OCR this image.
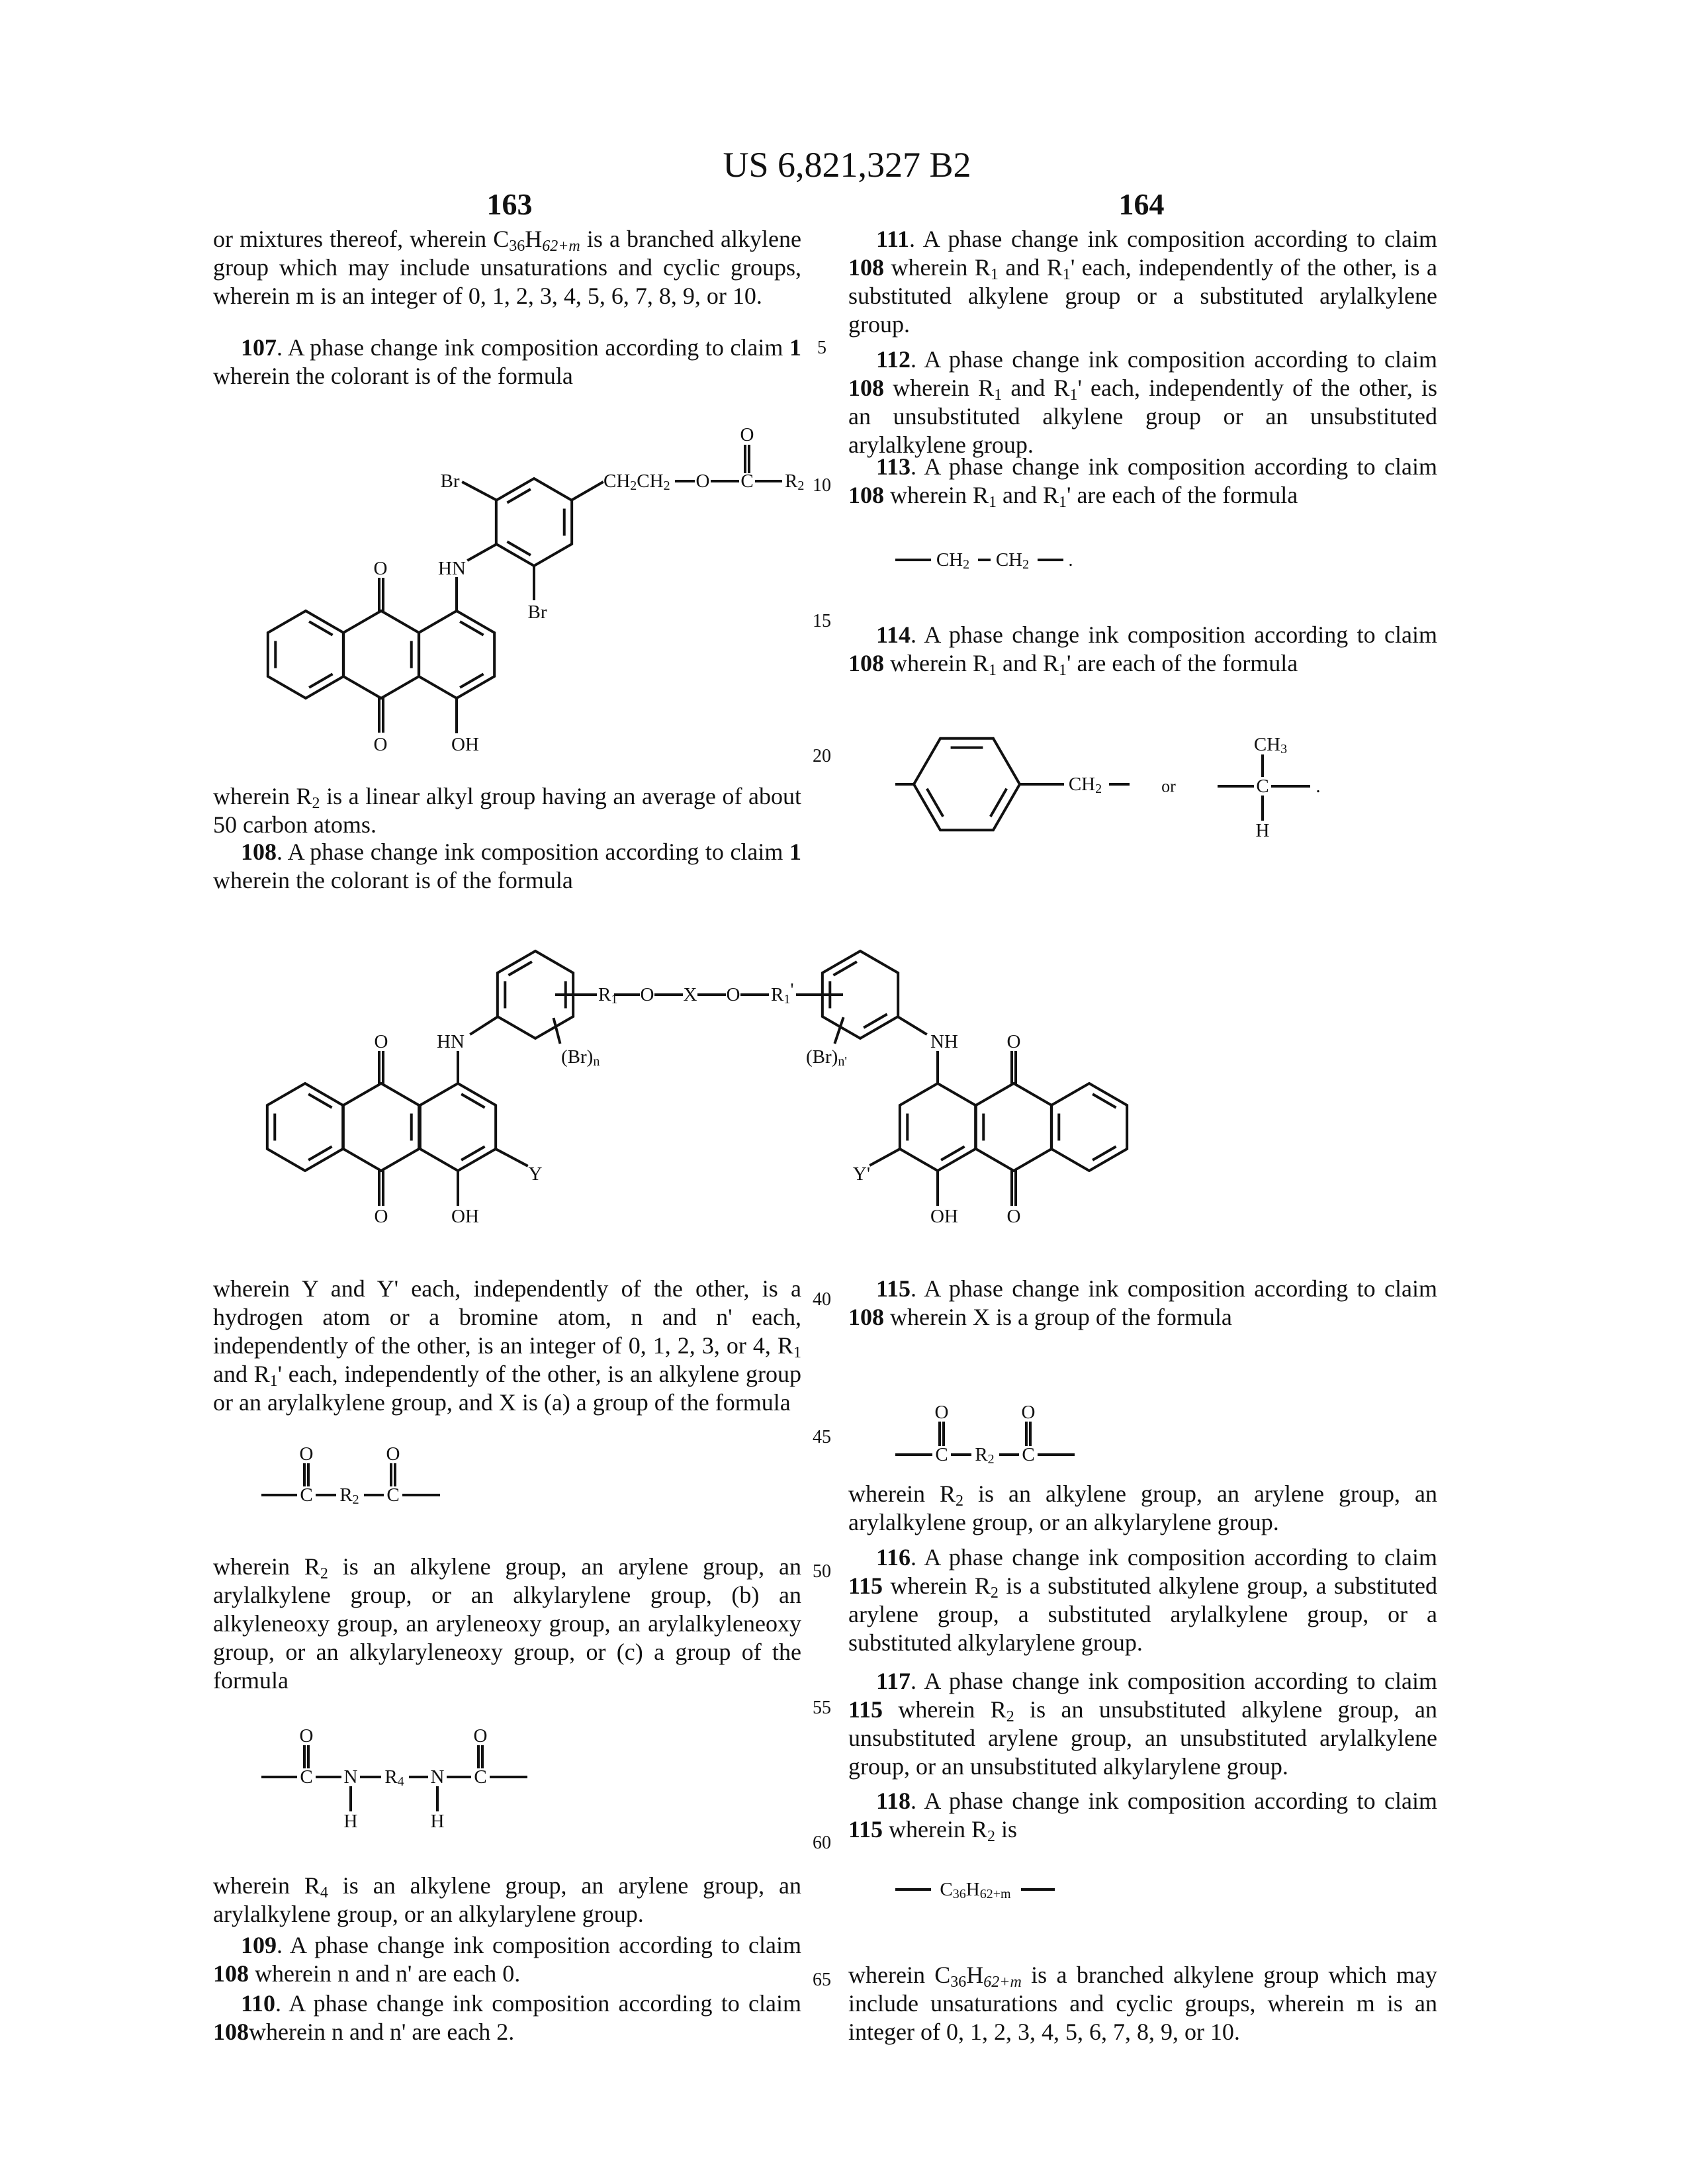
US 6,821,327 B2
163	164
5
10
15
20
40
45
50
55
60
65
or mixtures thereof, wherein C36H62+m is a branched alkylene group which may include unsaturations and cyclic groups, wherein m is an integer of 0, 1, 2, 3, 4, 5, 6, 7, 8, 9, or 10.
107. A phase change ink composition according to claim 1 wherein the colorant is of the formula
wherein R2 is a linear alkyl group having an average of about 50 carbon atoms.
108. A phase change ink composition according to claim 1 wherein the colorant is of the formula
wherein Y and Y' each, independently of the other, is a hydrogen atom or a bromine atom, n and n' each, independently of the other, is an integer of 0, 1, 2, 3, or 4, R1 and R1' each, independently of the other, is an alkylene group or an arylalkylene group, and X is (a) a group of the formula
wherein R2 is an alkylene group, an arylene group, an arylalkylene group, or an alkylarylene group, (b) an alkyleneoxy group, an aryleneoxy group, an arylalkyleneoxy group, or an alkylaryleneoxy group, or (c) a group of the formula
wherein R4 is an alkylene group, an arylene group, an arylalkylene group, or an alkylarylene group.
109. A phase change ink composition according to claim 108 wherein n and n' are each 0.
110. A phase change ink composition according to claim 108wherein n and n' are each 2.
111. A phase change ink composition according to claim 108 wherein R1 and R1' each, independently of the other, is a substituted alkylene group or a substituted arylalkylene group.
112. A phase change ink composition according to claim 108 wherein R1 and R1' each, independently of the other, is an unsubstituted alkylene group or an unsubstituted arylalkylene group.
113. A phase change ink composition according to claim 108 wherein R1 and R1' are each of the formula
114. A phase change ink composition according to claim 108 wherein R1 and R1' are each of the formula
115. A phase change ink composition according to claim 108 wherein X is a group of the formula
wherein R2 is an alkylene group, an arylene group, an arylalkylene group, or an alkylarylene group.
116. A phase change ink composition according to claim 115 wherein R2 is a substituted alkylene group, a substituted arylene group, a substituted arylalkylene group, or a substituted alkylarylene group.
117. A phase change ink composition according to claim 115 wherein R2 is an unsubstituted alkylene group, an unsubstituted arylene group, an unsubstituted arylalkylene group, or an unsubstituted alkylarylene group.
118. A phase change ink composition according to claim 115 wherein R2 is
wherein C36H62+m is a branched alkylene group which may include unsaturations and cyclic groups, wherein m is an integer of 0, 1, 2, 3, 4, 5, 6, 7, 8, 9, or 10.
O
O
HN
OH
Br
Br
CH2CH2 O C
O
R2
O
O
O
O
HN	NH
OH	OH
Y	Y'
R1 O X O R1'
(Br)n	(Br)n'
O	O
C R2 C
O	O
C N R4 N C
H	H
CH2 CH2 .
CH2	or
CH3
C
H
.
O	O
C R2 C
C36H62+m
